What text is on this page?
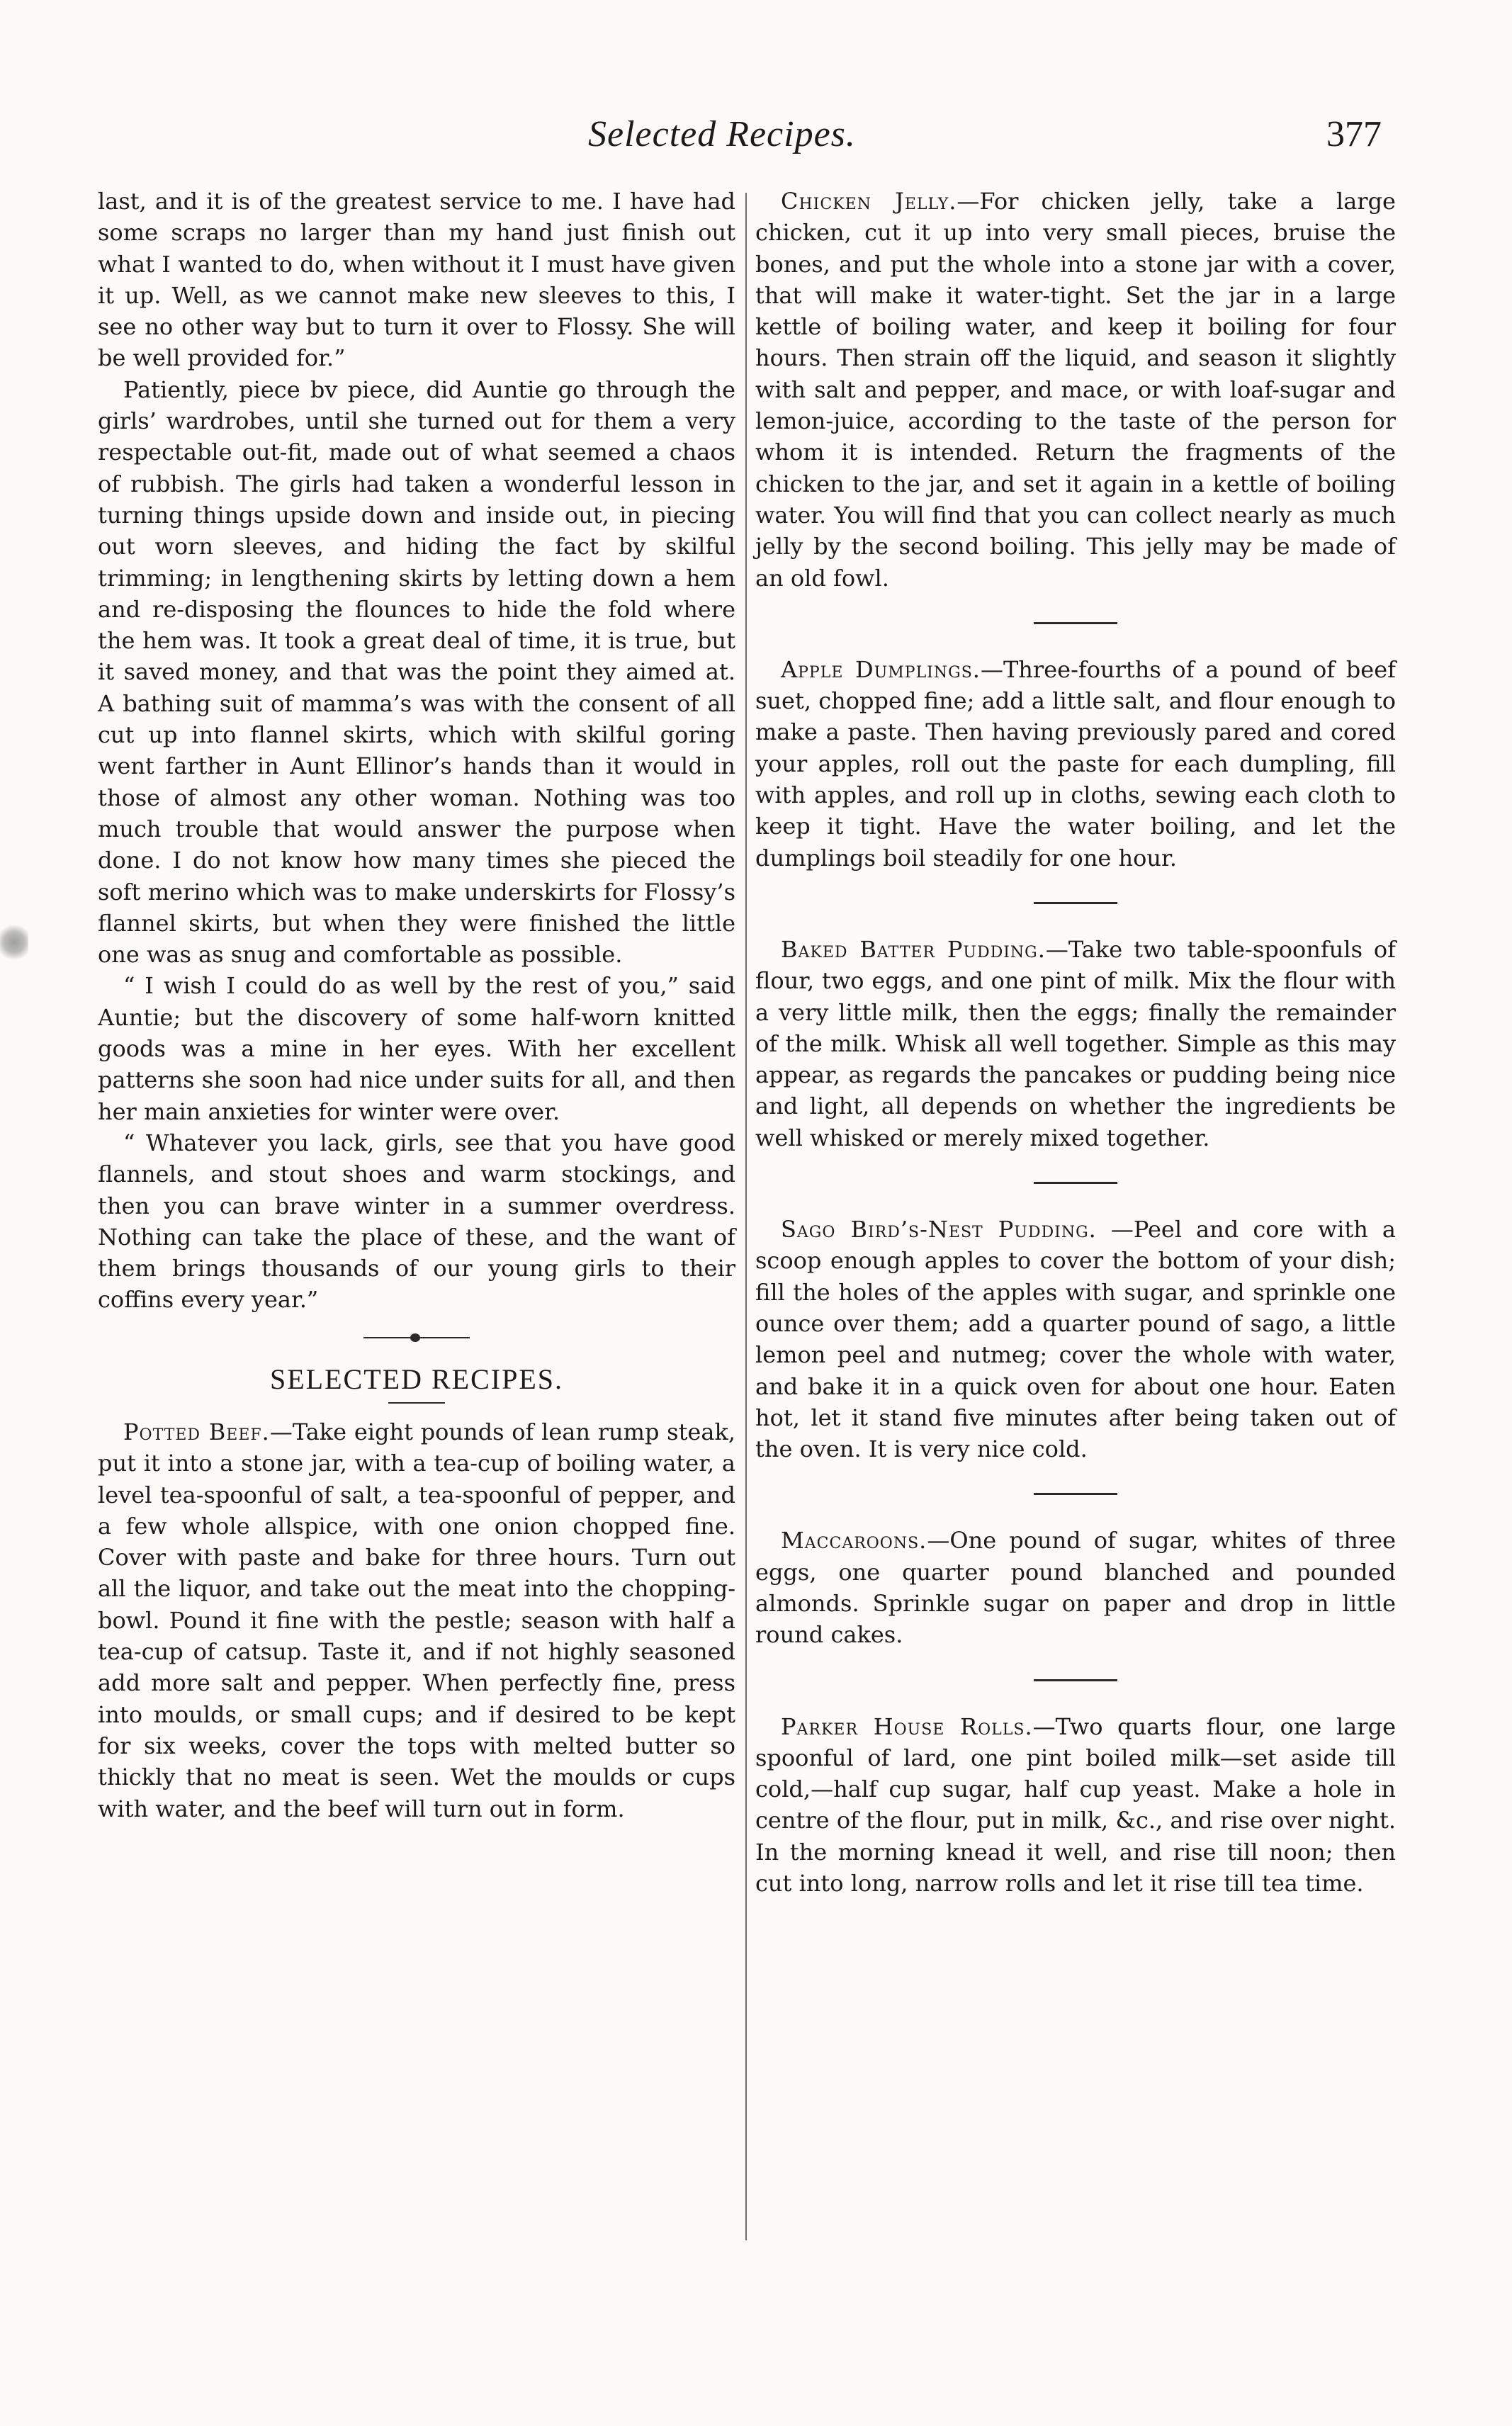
Selected Recipes.	377

last, and it is of the greatest service to me. I have had some scraps no larger than my hand just finish out what I wanted to do, when without it I must have given it up. Well, as we cannot make new sleeves to this, I see no other way but to turn it over to Flossy. She will be well provided for.”

Patiently, piece bv piece, did Auntie go through the girls’ wardrobes, until she turned out for them a very respectable out-fit, made out of what seemed a chaos of rubbish. The girls had taken a wonderful lesson in turning things upside down and inside out, in piecing out worn sleeves, and hiding the fact by skilful trimming; in lengthening skirts by letting down a hem and re-disposing the flounces to hide the fold where the hem was. It took a great deal of time, it is true, but it saved money, and that was the point they aimed at. A bathing suit of mamma’s was with the consent of all cut up into flannel skirts, which with skilful goring went farther in Aunt Ellinor’s hands than it would in those of almost any other woman. Nothing was too much trouble that would answer the purpose when done. I do not know how many times she pieced the soft merino which was to make underskirts for Flossy’s flannel skirts, but when they were finished the little one was as snug and comfortable as possible.

“ I wish I could do as well by the rest of you,” said Auntie; but the discovery of some half-worn knitted goods was a mine in her eyes. With her excellent patterns she soon had nice under suits for all, and then her main anxieties for winter were over.

“ Whatever you lack, girls, see that you have good flannels, and stout shoes and warm stockings, and then you can brave winter in a summer overdress. Nothing can take the place of these, and the want of them brings thousands of our young girls to their coffins every year.”

SELECTED RECIPES.

Potted Beef.—Take eight pounds of lean rump steak, put it into a stone jar, with a tea-cup of boiling water, a level tea-spoonful of salt, a tea-spoonful of pepper, and a few whole allspice, with one onion chopped fine. Cover with paste and bake for three hours. Turn out all the liquor, and take out the meat into the chopping-bowl. Pound it fine with the pestle; season with half a tea-cup of catsup. Taste it, and if not highly seasoned add more salt and pepper. When perfectly fine, press into moulds, or small cups; and if desired to be kept for six weeks, cover the tops with melted butter so thickly that no meat is seen. Wet the moulds or cups with water, and the beef will turn out in form.

Chicken Jelly.—For chicken jelly, take a large chicken, cut it up into very small pieces, bruise the bones, and put the whole into a stone jar with a cover, that will make it water-tight. Set the jar in a large kettle of boiling water, and keep it boiling for four hours. Then strain off the liquid, and season it slightly with salt and pepper, and mace, or with loaf-sugar and lemon-juice, according to the taste of the person for whom it is intended. Return the fragments of the chicken to the jar, and set it again in a kettle of boiling water. You will find that you can collect nearly as much jelly by the second boiling. This jelly may be made of an old fowl.

Apple Dumplings.—Three-fourths of a pound of beef suet, chopped fine; add a little salt, and flour enough to make a paste. Then having previously pared and cored your apples, roll out the paste for each dumpling, fill with apples, and roll up in cloths, sewing each cloth to keep it tight. Have the water boiling, and let the dumplings boil steadily for one hour.

Baked Batter Pudding.—Take two table-spoonfuls of flour, two eggs, and one pint of milk. Mix the flour with a very little milk, then the eggs; finally the remainder of the milk. Whisk all well together. Simple as this may appear, as regards the pancakes or pudding being nice and light, all depends on whether the ingredients be well whisked or merely mixed together.

Sago Bird’s-Nest Pudding. —Peel and core with a scoop enough apples to cover the bottom of your dish; fill the holes of the apples with sugar, and sprinkle one ounce over them; add a quarter pound of sago, a little lemon peel and nutmeg; cover the whole with water, and bake it in a quick oven for about one hour. Eaten hot, let it stand five minutes after being taken out of the oven. It is very nice cold.

Maccaroons.—One pound of sugar, whites of three eggs, one quarter pound blanched and pounded almonds. Sprinkle sugar on paper and drop in little round cakes.

Parker House Rolls.—Two quarts flour, one large spoonful of lard, one pint boiled milk—set aside till cold,—half cup sugar, half cup yeast. Make a hole in centre of the flour, put in milk, &c., and rise over night. In the morning knead it well, and rise till noon; then cut into long, narrow rolls and let it rise till tea time.
